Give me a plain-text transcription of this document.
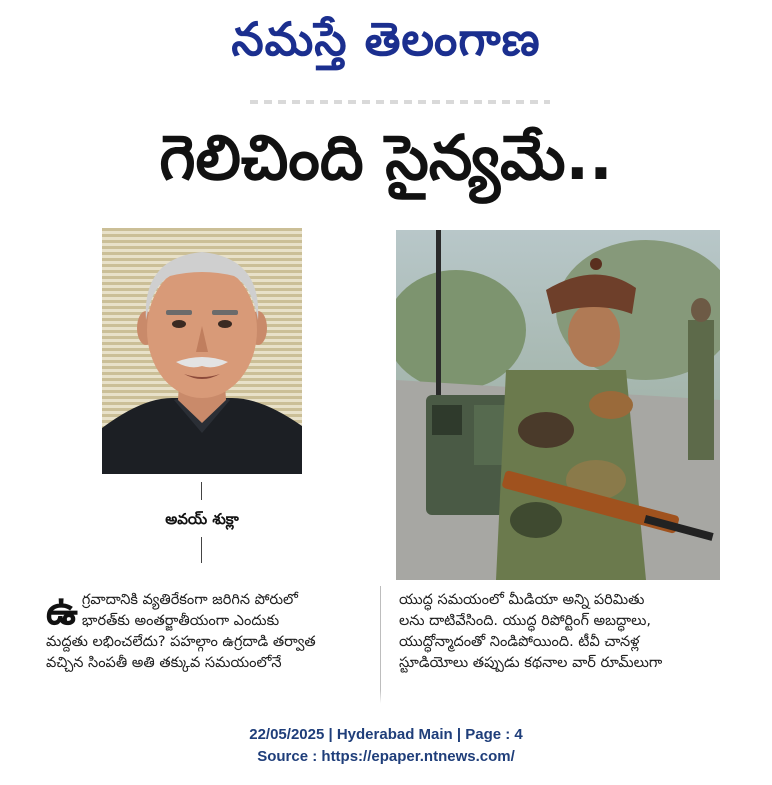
నమస్తే తెలంగాణ
గెలిచింది సైన్యమే..
అవయ్ శుక్లా
ఉగ్రవాదానికి వ్యతిరేకంగా జరిగిన పోరులో
భారత్‌కు అంతర్జాతీయంగా ఎందుకు
మద్దతు లభించలేదు? పహల్గాం ఉగ్రదాడి తర్వాత
వచ్చిన సింపతీ అతి తక్కువ సమయంలోనే
యుద్ధ సమయంలో మీడియా అన్ని పరిమితు
లను దాటివేసింది. యుద్ధ రిపోర్టింగ్ అబద్ధాలు,
యుద్ధోన్మాదంతో నిండిపోయింది. టీవీ చానళ్ల
స్టూడియోలు తప్పుడు కథనాల వార్ రూమ్‌లుగా
22/05/2025 | Hyderabad Main | Page : 4
Source : https://epaper.ntnews.com/
